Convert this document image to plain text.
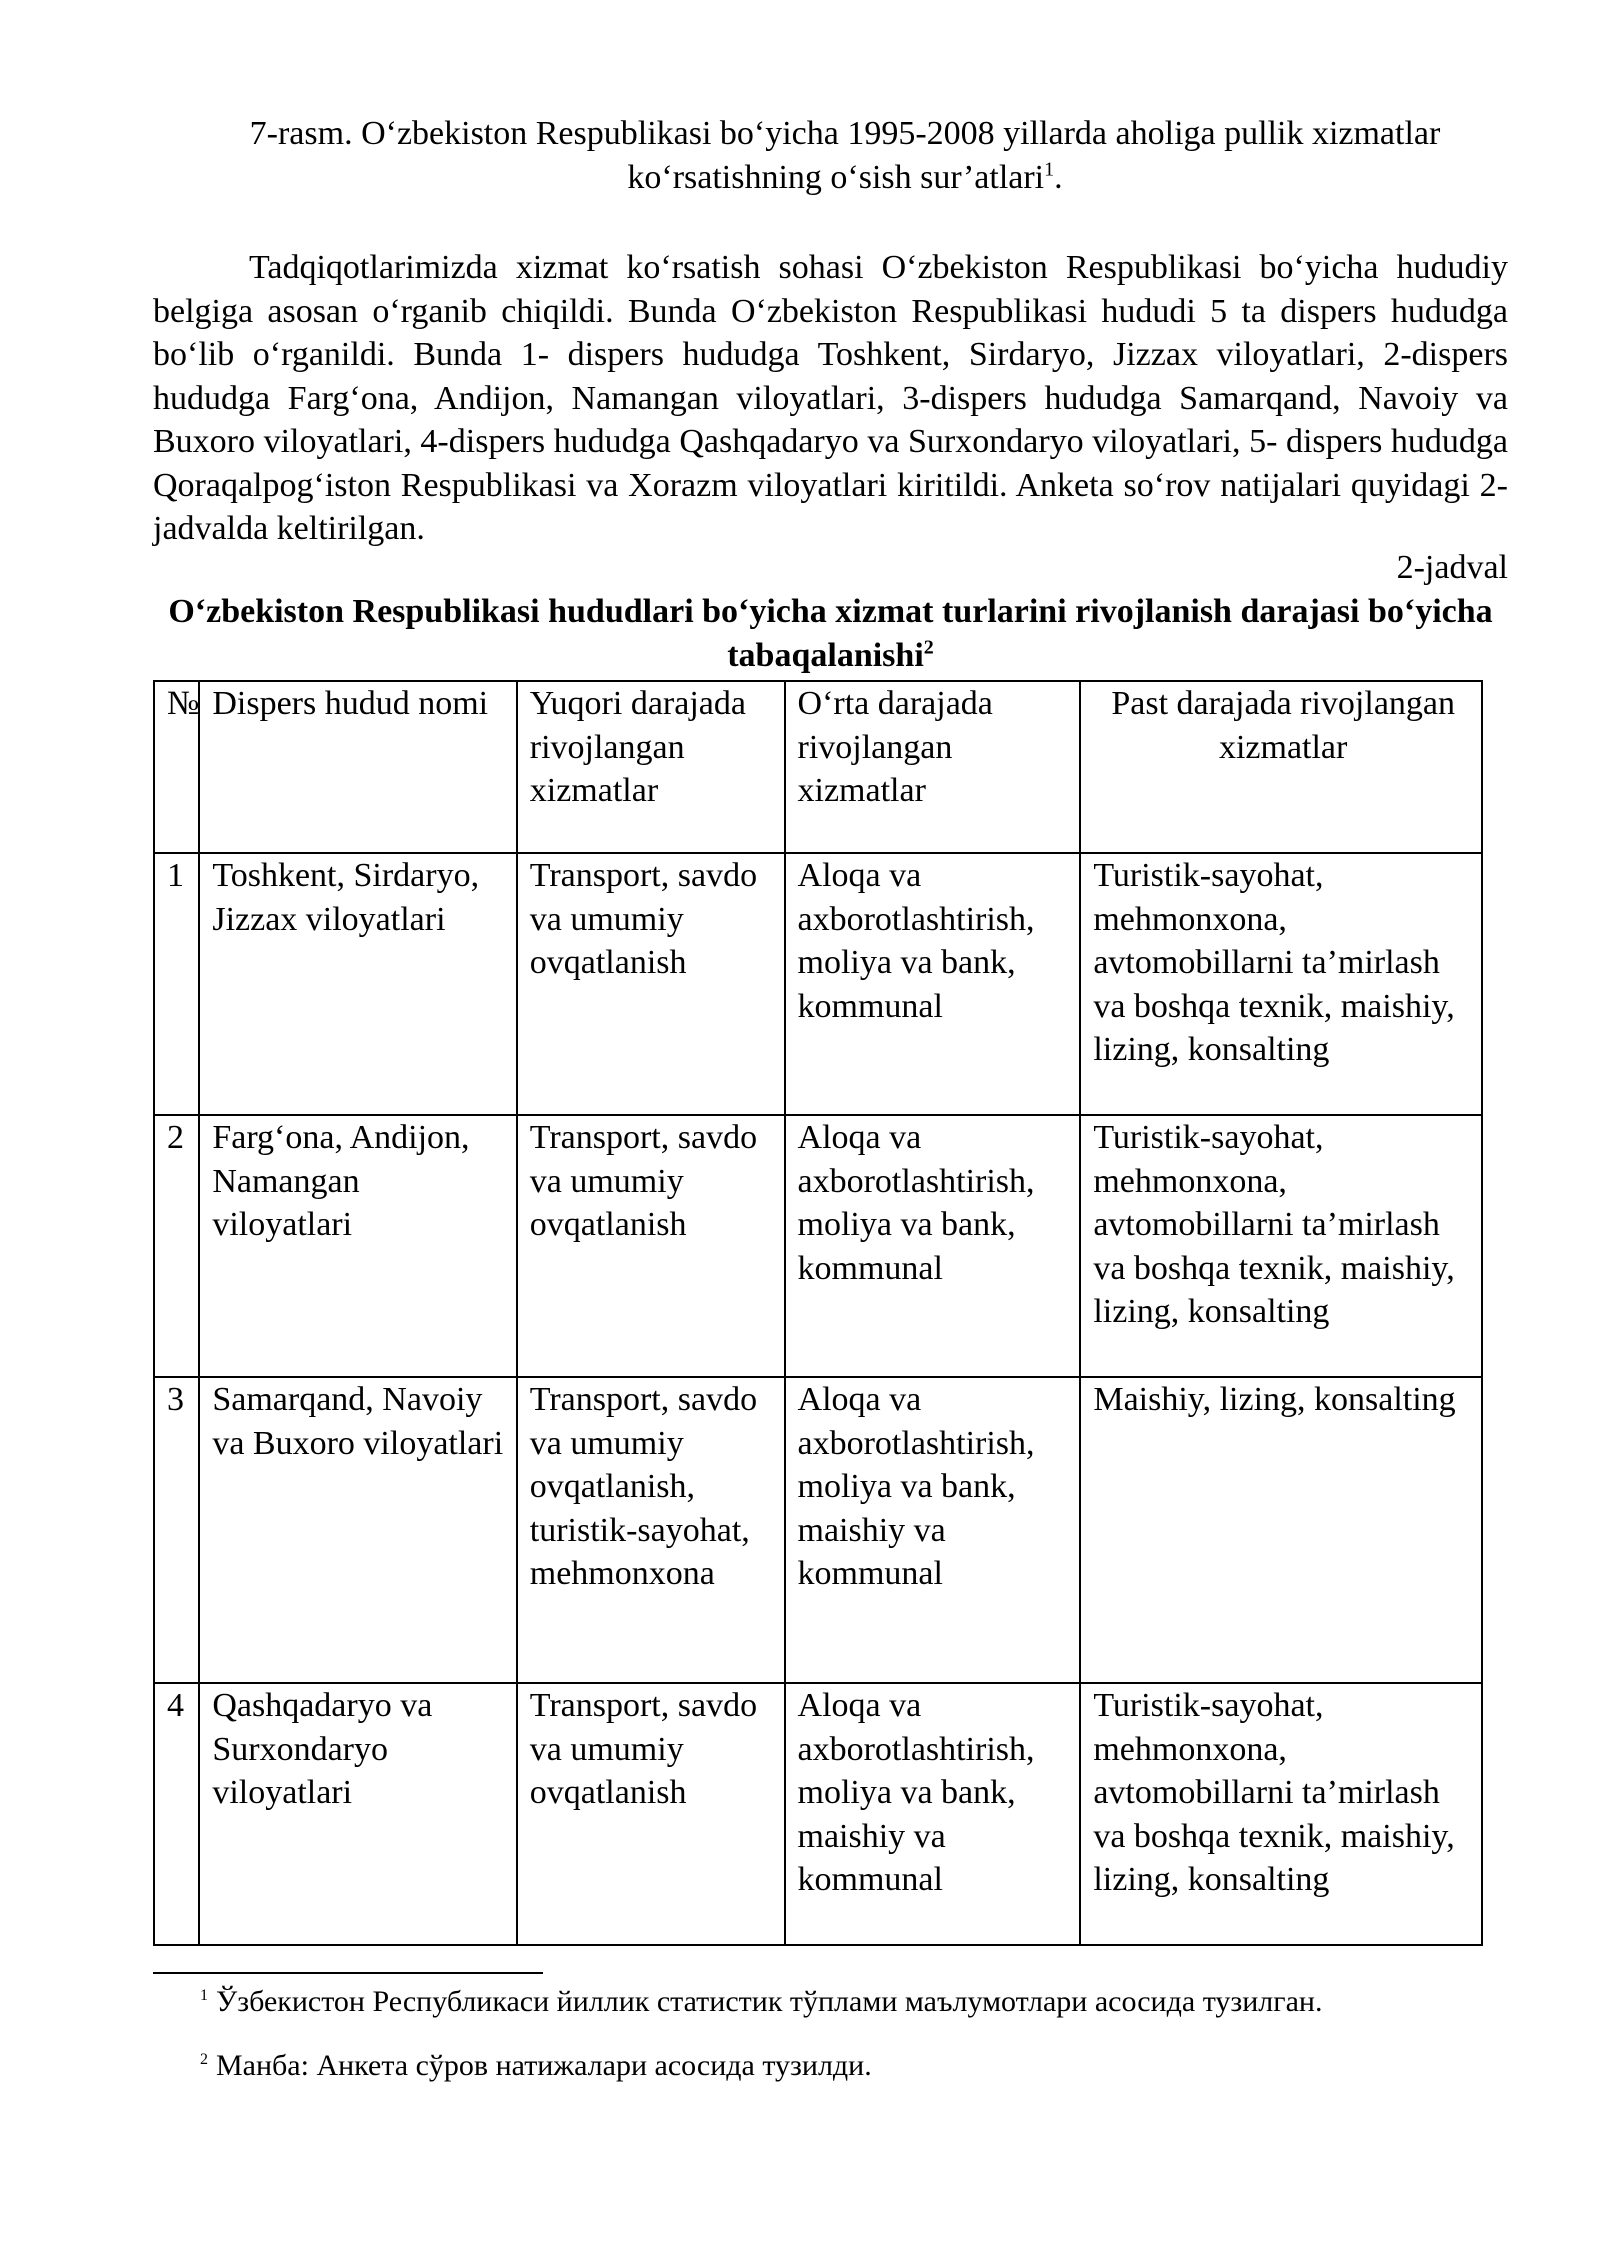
7-rasm. O‘zbekiston Respublikasi bo‘yicha 1995-2008 yillarda aholiga pullik xizmatlar ko‘rsatishning o‘sish sur’atlari$^1$.
Tadqiqotlarimizda xizmat ko‘rsatish sohasi O‘zbekiston Respublikasi bo‘yicha hududiy belgiga asosan o‘rganib chiqildi. Bunda O‘zbekiston Respublikasi hududi 5 ta dispers hududga bo‘lib o‘rganildi. Bunda 1- dispers hududga Toshkent, Sirdaryo, Jizzax viloyatlari, 2-dispers hududga Farg‘ona, Andijon, Namangan viloyatlari, 3-dispers hududga Samarqand, Navoiy va Buxoro viloyatlari, 4-dispers hududga Qashqadaryo va Surxondaryo viloyatlari, 5- dispers hududga Qoraqalpog‘iston Respublikasi va Xorazm viloyatlari kiritildi. Anketa so‘rov natijalari quyidagi 2-jadvalda keltirilgan.
2-jadval
O‘zbekiston Respublikasi hududlari bo‘yicha xizmat turlarini rivojlanish darajasi bo‘yicha tabaqalanishi$^2$
№	Dispers hudud nomi	Yuqori darajada rivojlangan xizmatlar	O‘rta darajada rivojlangan xizmatlar	Past darajada rivojlangan xizmatlar
1	Toshkent, Sirdaryo, Jizzax viloyatlari	Transport, savdo va umumiy ovqatlanish	Aloqa va axborotlashtirish, moliya va bank, kommunal	Turistik-sayohat, mehmonxona, avtomobillarni ta’mirlash va boshqa texnik, maishiy, lizing, konsalting
2	Farg‘ona, Andijon, Namangan viloyatlari	Transport, savdo va umumiy ovqatlanish	Aloqa va axborotlashtirish, moliya va bank, kommunal	Turistik-sayohat, mehmonxona, avtomobillarni ta’mirlash va boshqa texnik, maishiy, lizing, konsalting
3	Samarqand, Navoiy va Buxoro viloyatlari	Transport, savdo va umumiy ovqatlanish, turistik-sayohat, mehmonxona	Aloqa va axborotlashtirish, moliya va bank, maishiy va kommunal	Maishiy, lizing, konsalting
4	Qashqadaryo va Surxondaryo viloyatlari	Transport, savdo va umumiy ovqatlanish	Aloqa va axborotlashtirish, moliya va bank, maishiy va kommunal	Turistik-sayohat, mehmonxona, avtomobillarni ta’mirlash va boshqa texnik, maishiy, lizing, konsalting
$^1$ Ўзбекистон Республикаси йиллик статистик тўплами маълумотлари асосида тузилган.
$^2$ Манба: Анкета сўров натижалари асосида тузилди.
